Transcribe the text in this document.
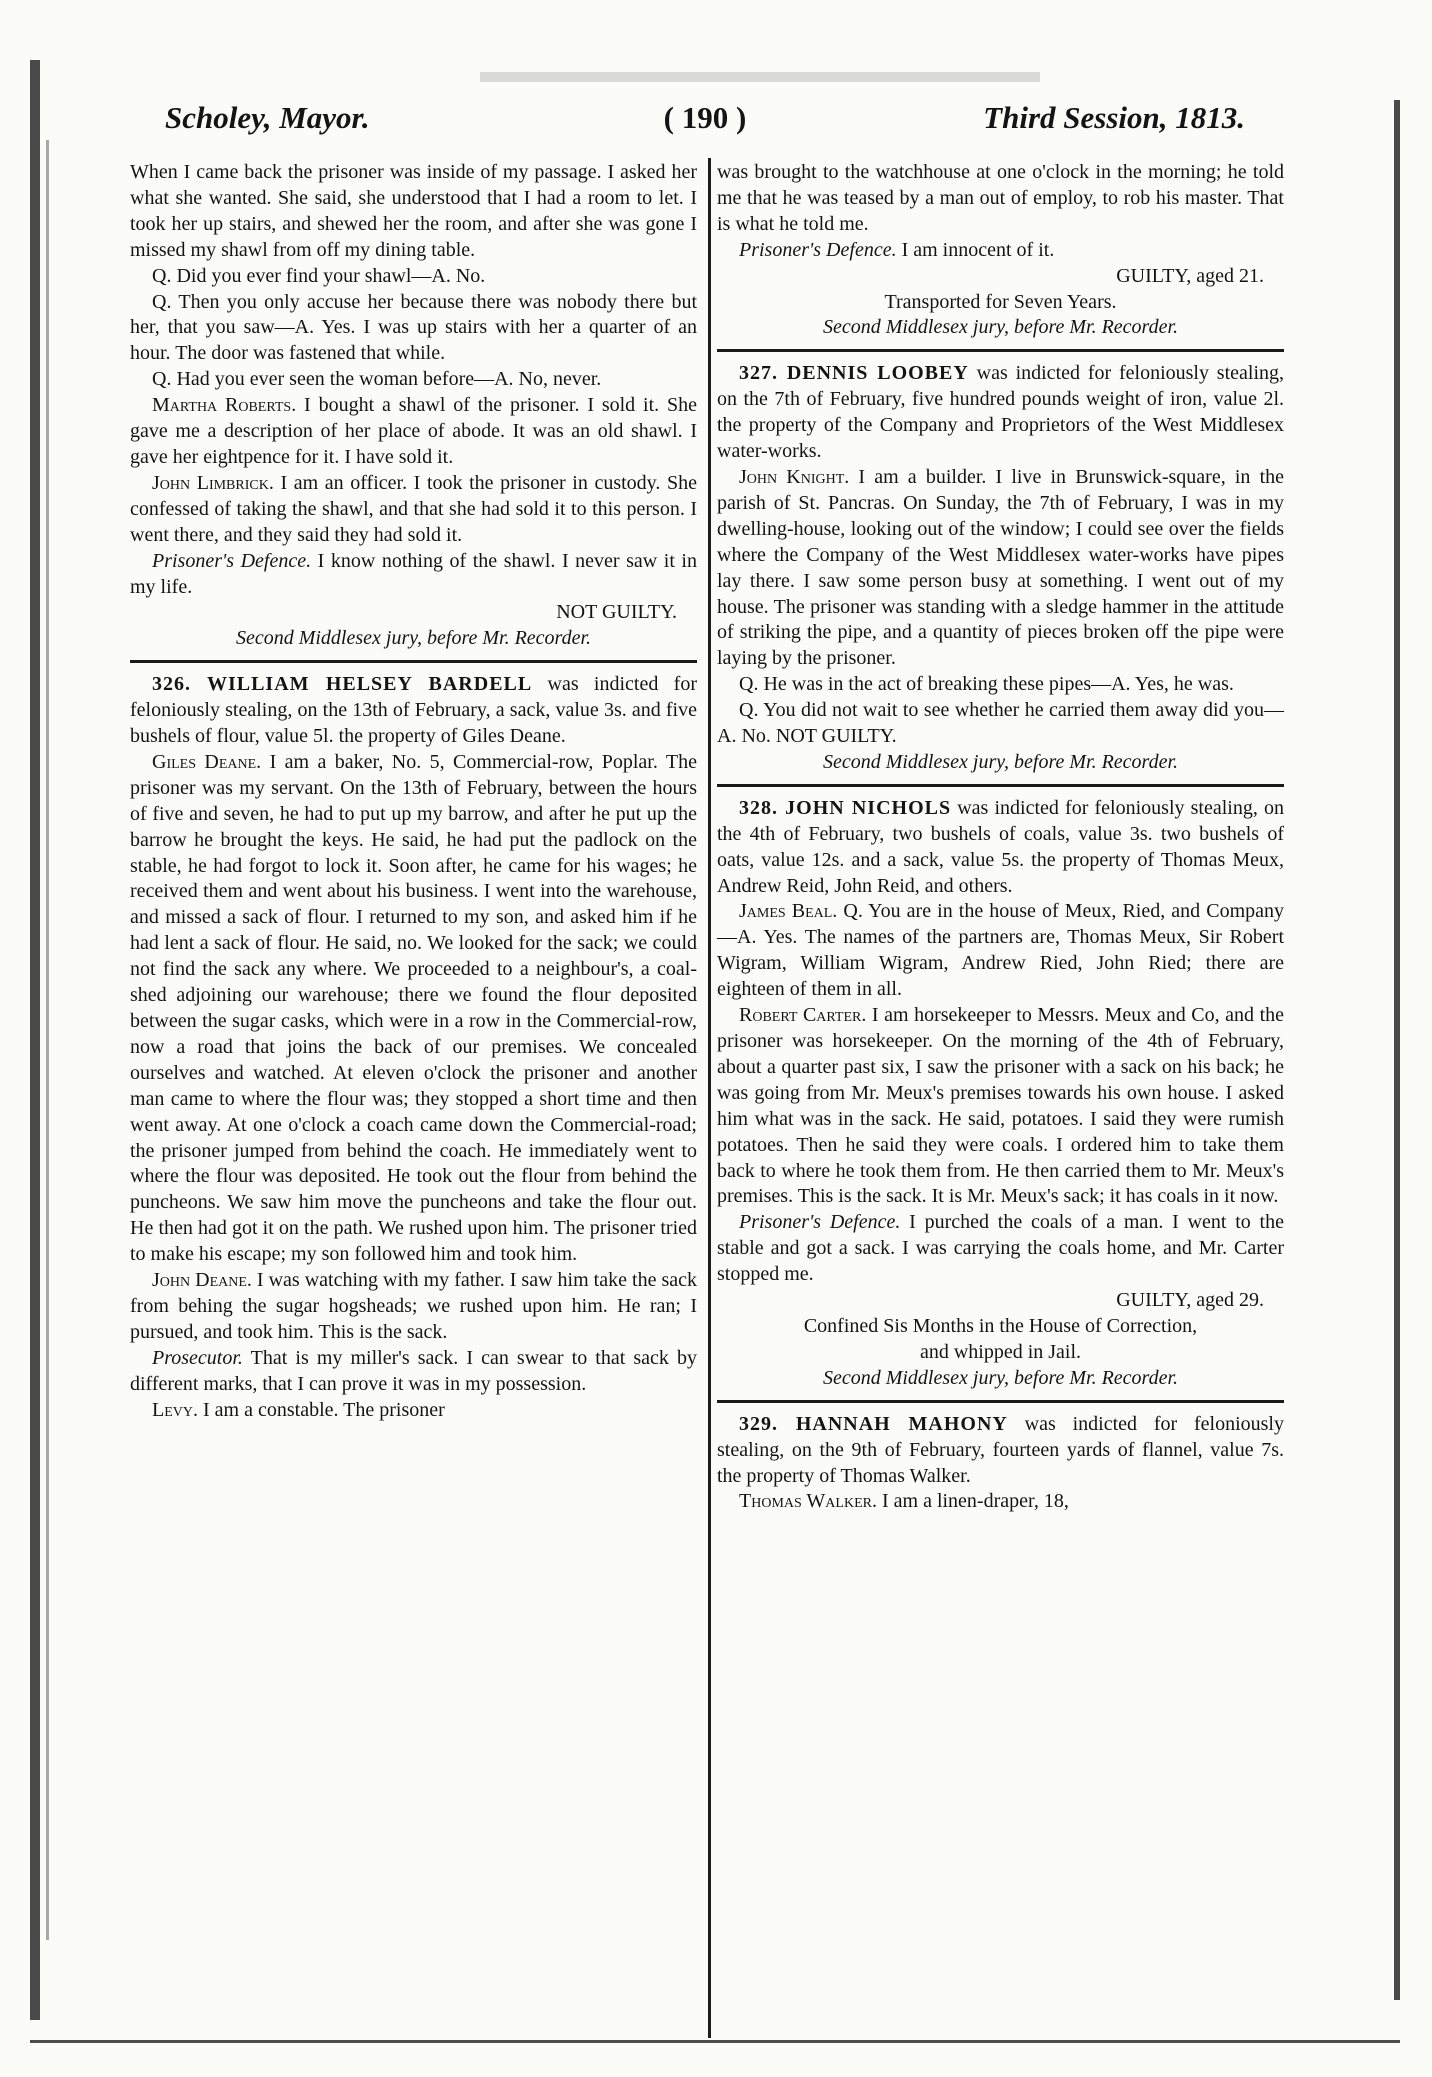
Scholey, Mayor.	( 190 )	Third Session, 1813.

When I came back the prisoner was inside of my passage. I asked her what she wanted. She said, she understood that I had a room to let. I took her up stairs, and shewed her the room, and after she was gone I missed my shawl from off my dining table.

Q. Did you ever find your shawl—A. No.

Q. Then you only accuse her because there was nobody there but her, that you saw—A. Yes. I was up stairs with her a quarter of an hour. The door was fastened that while.

Q. Had you ever seen the woman before—A. No, never.

Martha Roberts. I bought a shawl of the prisoner. I sold it. She gave me a description of her place of abode. It was an old shawl. I gave her eightpence for it. I have sold it.

John Limbrick. I am an officer. I took the prisoner in custody. She confessed of taking the shawl, and that she had sold it to this person. I went there, and they said they had sold it.

Prisoner's Defence. I know nothing of the shawl. I never saw it in my life.

NOT GUILTY.

Second Middlesex jury, before Mr. Recorder.

326. WILLIAM HELSEY BARDELL was indicted for feloniously stealing, on the 13th of February, a sack, value 3s. and five bushels of flour, value 5l. the property of Giles Deane.

Giles Deane. I am a baker, No. 5, Commercial-row, Poplar. The prisoner was my servant. On the 13th of February, between the hours of five and seven, he had to put up my barrow, and after he put up the barrow he brought the keys. He said, he had put the padlock on the stable, he had forgot to lock it. Soon after, he came for his wages; he received them and went about his business. I went into the warehouse, and missed a sack of flour. I returned to my son, and asked him if he had lent a sack of flour. He said, no. We looked for the sack; we could not find the sack any where. We proceeded to a neighbour's, a coal-shed adjoining our warehouse; there we found the flour deposited between the sugar casks, which were in a row in the Commercial-row, now a road that joins the back of our premises. We concealed ourselves and watched. At eleven o'clock the prisoner and another man came to where the flour was; they stopped a short time and then went away. At one o'clock a coach came down the Commercial-road; the prisoner jumped from behind the coach. He immediately went to where the flour was deposited. He took out the flour from behind the puncheons. We saw him move the puncheons and take the flour out. He then had got it on the path. We rushed upon him. The prisoner tried to make his escape; my son followed him and took him.

John Deane. I was watching with my father. I saw him take the sack from behing the sugar hogsheads; we rushed upon him. He ran; I pursued, and took him. This is the sack.

Prosecutor. That is my miller's sack. I can swear to that sack by different marks, that I can prove it was in my possession.

Levy. I am a constable. The prisoner

was brought to the watchhouse at one o'clock in the morning; he told me that he was teased by a man out of employ, to rob his master. That is what he told me.

Prisoner's Defence. I am innocent of it.

GUILTY, aged 21.

Transported for Seven Years.

Second Middlesex jury, before Mr. Recorder.

327. DENNIS LOOBEY was indicted for feloniously stealing, on the 7th of February, five hundred pounds weight of iron, value 2l. the property of the Company and Proprietors of the West Middlesex water-works.

John Knight. I am a builder. I live in Brunswick-square, in the parish of St. Pancras. On Sunday, the 7th of February, I was in my dwelling-house, looking out of the window; I could see over the fields where the Company of the West Middlesex water-works have pipes lay there. I saw some person busy at something. I went out of my house. The prisoner was standing with a sledge hammer in the attitude of striking the pipe, and a quantity of pieces broken off the pipe were laying by the prisoner.

Q. He was in the act of breaking these pipes—A. Yes, he was.

Q. You did not wait to see whether he carried them away did you—A. No. NOT GUILTY.

Second Middlesex jury, before Mr. Recorder.

328. JOHN NICHOLS was indicted for feloniously stealing, on the 4th of February, two bushels of coals, value 3s. two bushels of oats, value 12s. and a sack, value 5s. the property of Thomas Meux, Andrew Reid, John Reid, and others.

James Beal. Q. You are in the house of Meux, Ried, and Company—A. Yes. The names of the partners are, Thomas Meux, Sir Robert Wigram, William Wigram, Andrew Ried, John Ried; there are eighteen of them in all.

Robert Carter. I am horsekeeper to Messrs. Meux and Co, and the prisoner was horsekeeper. On the morning of the 4th of February, about a quarter past six, I saw the prisoner with a sack on his back; he was going from Mr. Meux's premises towards his own house. I asked him what was in the sack. He said, potatoes. I said they were rumish potatoes. Then he said they were coals. I ordered him to take them back to where he took them from. He then carried them to Mr. Meux's premises. This is the sack. It is Mr. Meux's sack; it has coals in it now.

Prisoner's Defence. I purched the coals of a man. I went to the stable and got a sack. I was carrying the coals home, and Mr. Carter stopped me.

GUILTY, aged 29.

Confined Sis Months in the House of Correction,

and whipped in Jail.

Second Middlesex jury, before Mr. Recorder.

329. HANNAH MAHONY was indicted for feloniously stealing, on the 9th of February, fourteen yards of flannel, value 7s. the property of Thomas Walker.

Thomas Walker. I am a linen-draper, 18,
